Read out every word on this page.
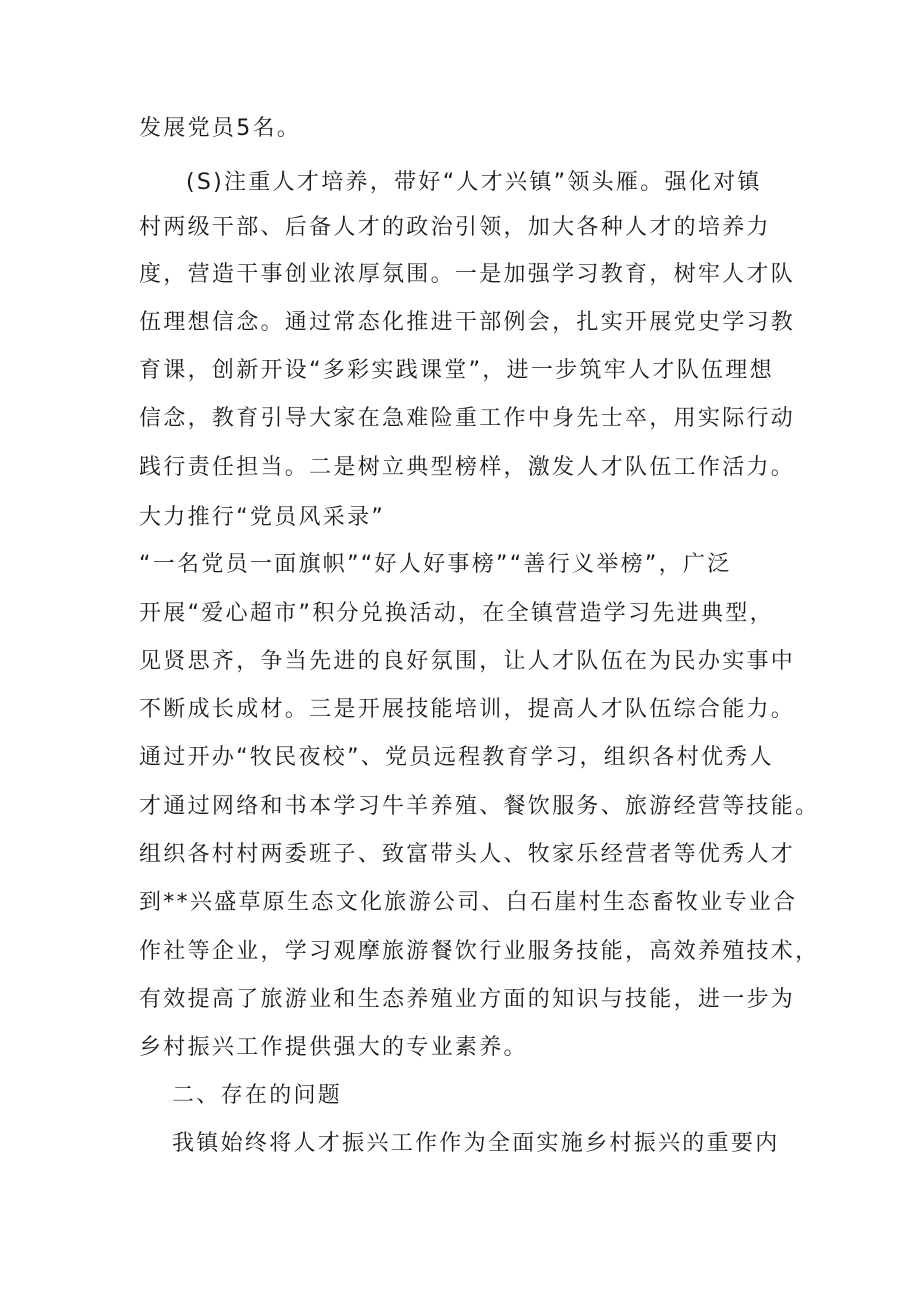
发展党员5名。
(S)注重人才培养，带好“人才兴镇”领头雁。强化对镇
村两级干部、后备人才的政治引领，加大各种人才的培养力
度，营造干事创业浓厚氛围。一是加强学习教育，树牢人才队
伍理想信念。通过常态化推进干部例会，扎实开展党史学习教
育课，创新开设“多彩实践课堂”，进一步筑牢人才队伍理想
信念，教育引导大家在急难险重工作中身先士卒，用实际行动
践行责任担当。二是树立典型榜样，激发人才队伍工作活力。
大力推行“党员风采录”
“一名党员一面旗帜”“好人好事榜”“善行义举榜”，广泛
开展“爱心超市”积分兑换活动，在全镇营造学习先进典型，
见贤思齐，争当先进的良好氛围，让人才队伍在为民办实事中
不断成长成材。三是开展技能培训，提高人才队伍综合能力。
通过开办“牧民夜校”、党员远程教育学习，组织各村优秀人
才通过网络和书本学习牛羊养殖、餐饮服务、旅游经营等技能。
组织各村村两委班子、致富带头人、牧家乐经营者等优秀人才
到**兴盛草原生态文化旅游公司、白石崖村生态畜牧业专业合
作社等企业，学习观摩旅游餐饮行业服务技能，高效养殖技术，
有效提高了旅游业和生态养殖业方面的知识与技能，进一步为
乡村振兴工作提供强大的专业素养。
二、存在的问题
我镇始终将人才振兴工作作为全面实施乡村振兴的重要内
